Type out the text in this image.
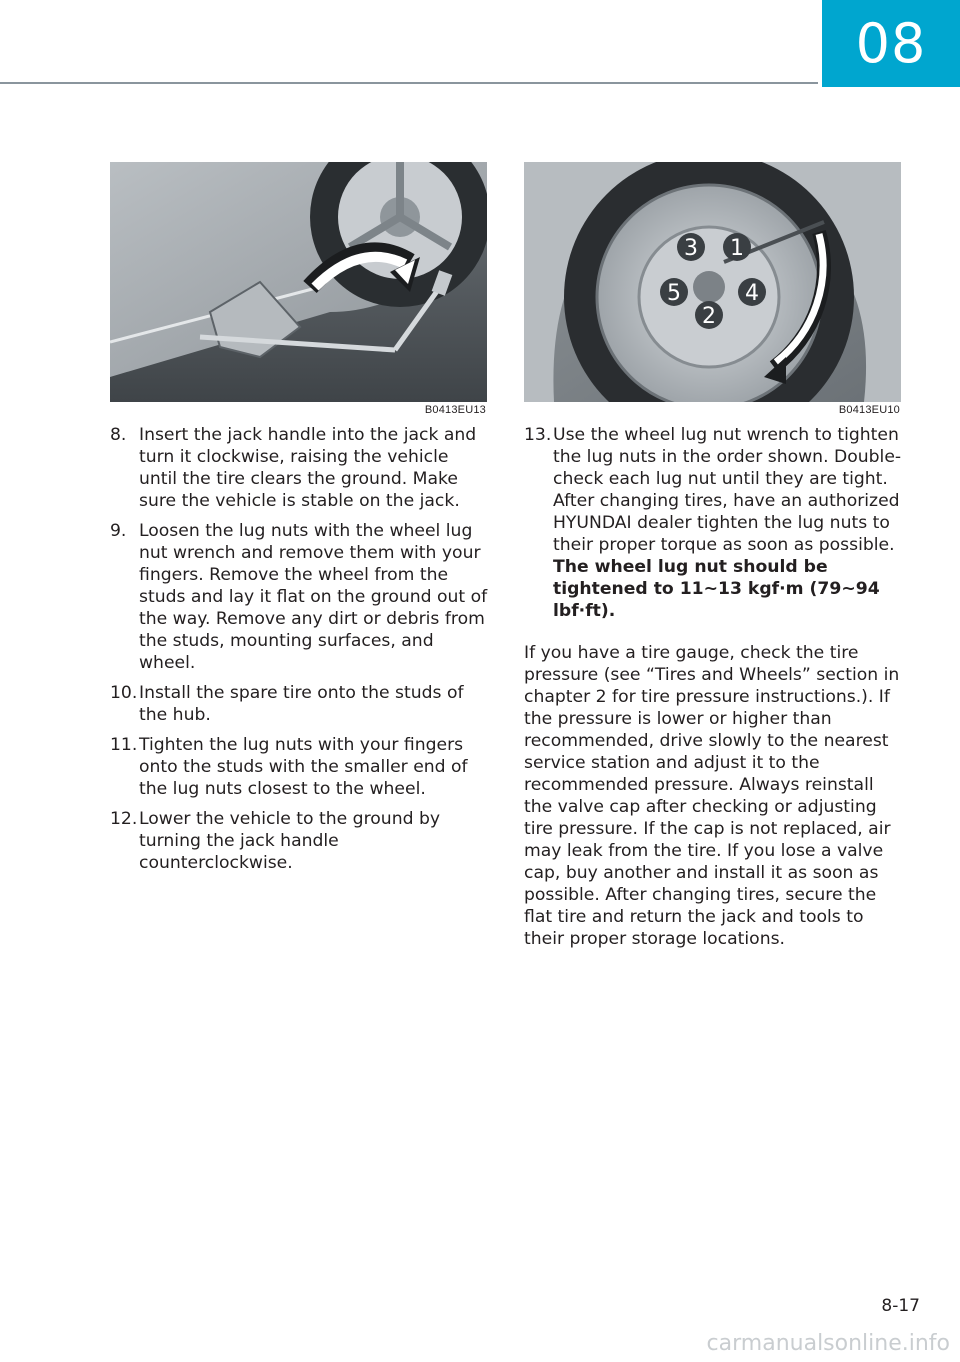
08
B0413EU13
8. Insert the jack handle into the jack and turn it clockwise, raising the vehicle until the tire clears the ground. Make sure the vehicle is stable on the jack.
9. Loosen the lug nuts with the wheel lug nut wrench and remove them with your fingers. Remove the wheel from the studs and lay it flat on the ground out of the way. Remove any dirt or debris from the studs, mounting surfaces, and wheel.
10. Install the spare tire onto the studs of the hub.
11. Tighten the lug nuts with your fingers onto the studs with the smaller end of the lug nuts closest to the wheel.
12. Lower the vehicle to the ground by turning the jack handle counterclockwise.
3 1
5	4
2
B0413EU10
13. Use the wheel lug nut wrench to tighten the lug nuts in the order shown. Double-check each lug nut until they are tight. After changing tires, have an authorized HYUNDAI dealer tighten the lug nuts to their proper torque as soon as possible. The wheel lug nut should be tightened to 11~13 kgf·m (79~94 lbf·ft).

If you have a tire gauge, check the tire pressure (see “Tires and Wheels” section in chapter 2 for tire pressure instructions.). If the pressure is lower or higher than recommended, drive slowly to the nearest service station and adjust it to the recommended pressure. Always reinstall the valve cap after checking or adjusting tire pressure. If the cap is not replaced, air may leak from the tire. If you lose a valve cap, buy another and install it as soon as possible. After changing tires, secure the flat tire and return the jack and tools to their proper storage locations.

8-17
carmanualsonline.info
